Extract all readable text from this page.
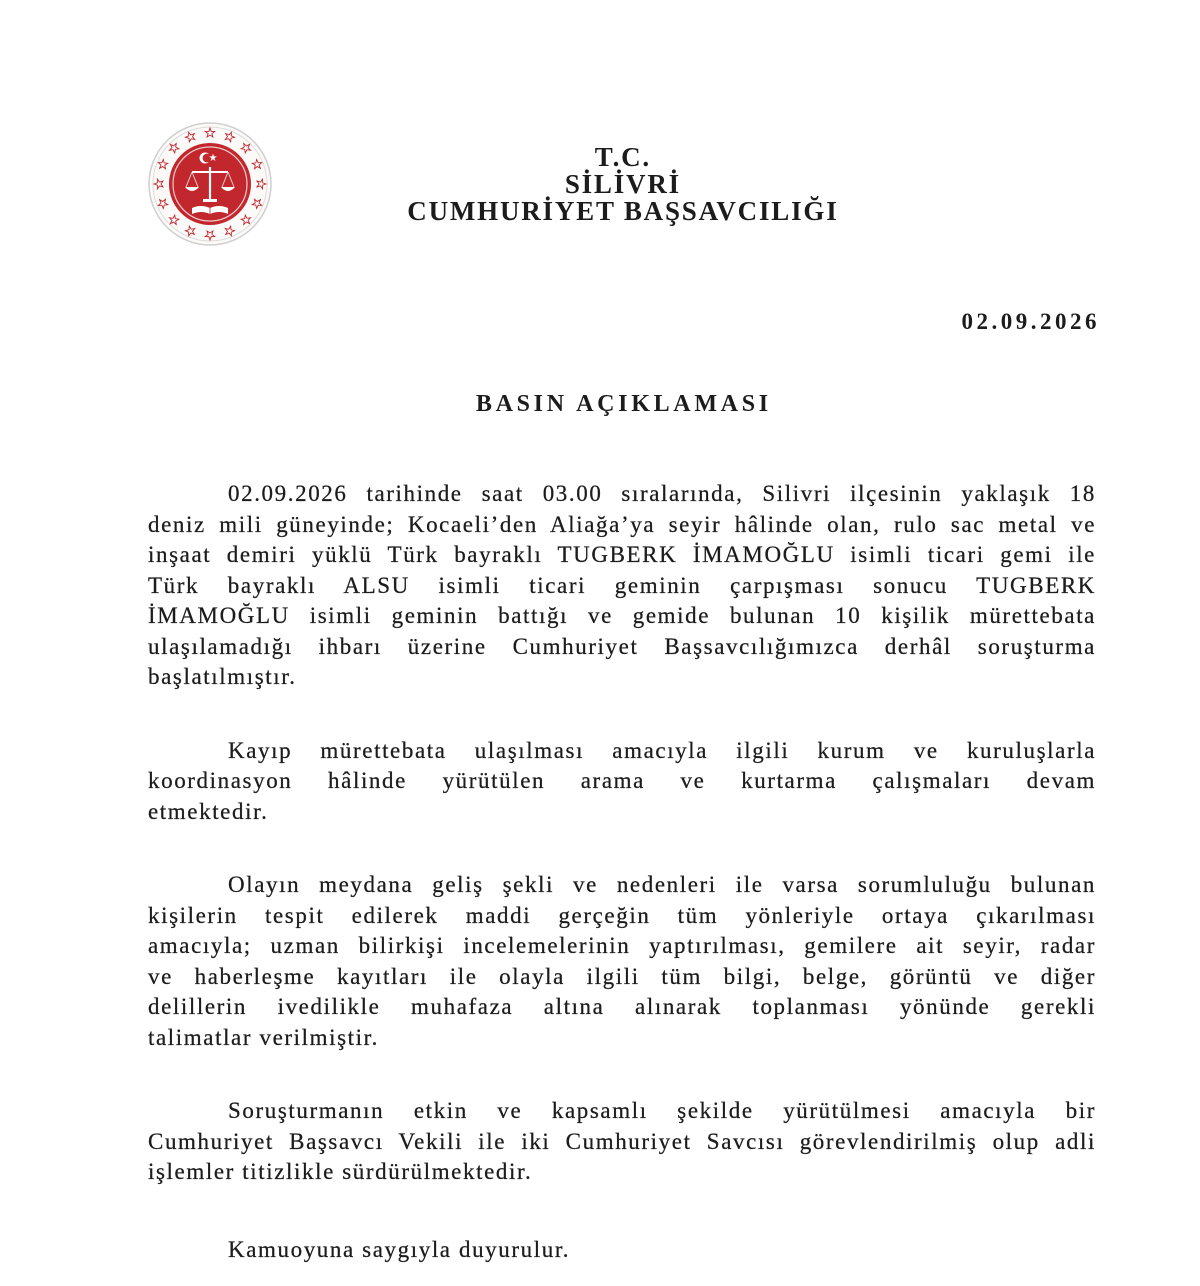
T.C.
SİLİVRİ
CUMHURİYET BAŞSAVCILIĞI
02.09.2026
BASIN AÇIKLAMASI
02.09.2026 tarihinde saat 03.00 sıralarında, Silivri ilçesinin yaklaşık 18
deniz mili güneyinde; Kocaeli’den Aliağa’ya seyir hâlinde olan, rulo sac metal ve
inşaat demiri yüklü Türk bayraklı TUGBERK İMAMOĞLU isimli ticari gemi ile
Türk bayraklı ALSU isimli ticari geminin çarpışması sonucu TUGBERK
İMAMOĞLU isimli geminin battığı ve gemide bulunan 10 kişilik mürettebata
ulaşılamadığı ihbarı üzerine Cumhuriyet Başsavcılığımızca derhâl soruşturma
başlatılmıştır.
Kayıp mürettebata ulaşılması amacıyla ilgili kurum ve kuruluşlarla
koordinasyon hâlinde yürütülen arama ve kurtarma çalışmaları devam
etmektedir.
Olayın meydana geliş şekli ve nedenleri ile varsa sorumluluğu bulunan
kişilerin tespit edilerek maddi gerçeğin tüm yönleriyle ortaya çıkarılması
amacıyla; uzman bilirkişi incelemelerinin yaptırılması, gemilere ait seyir, radar
ve haberleşme kayıtları ile olayla ilgili tüm bilgi, belge, görüntü ve diğer
delillerin ivedilikle muhafaza altına alınarak toplanması yönünde gerekli
talimatlar verilmiştir.
Soruşturmanın etkin ve kapsamlı şekilde yürütülmesi amacıyla bir
Cumhuriyet Başsavcı Vekili ile iki Cumhuriyet Savcısı görevlendirilmiş olup adli
işlemler titizlikle sürdürülmektedir.
Kamuoyuna saygıyla duyurulur.
